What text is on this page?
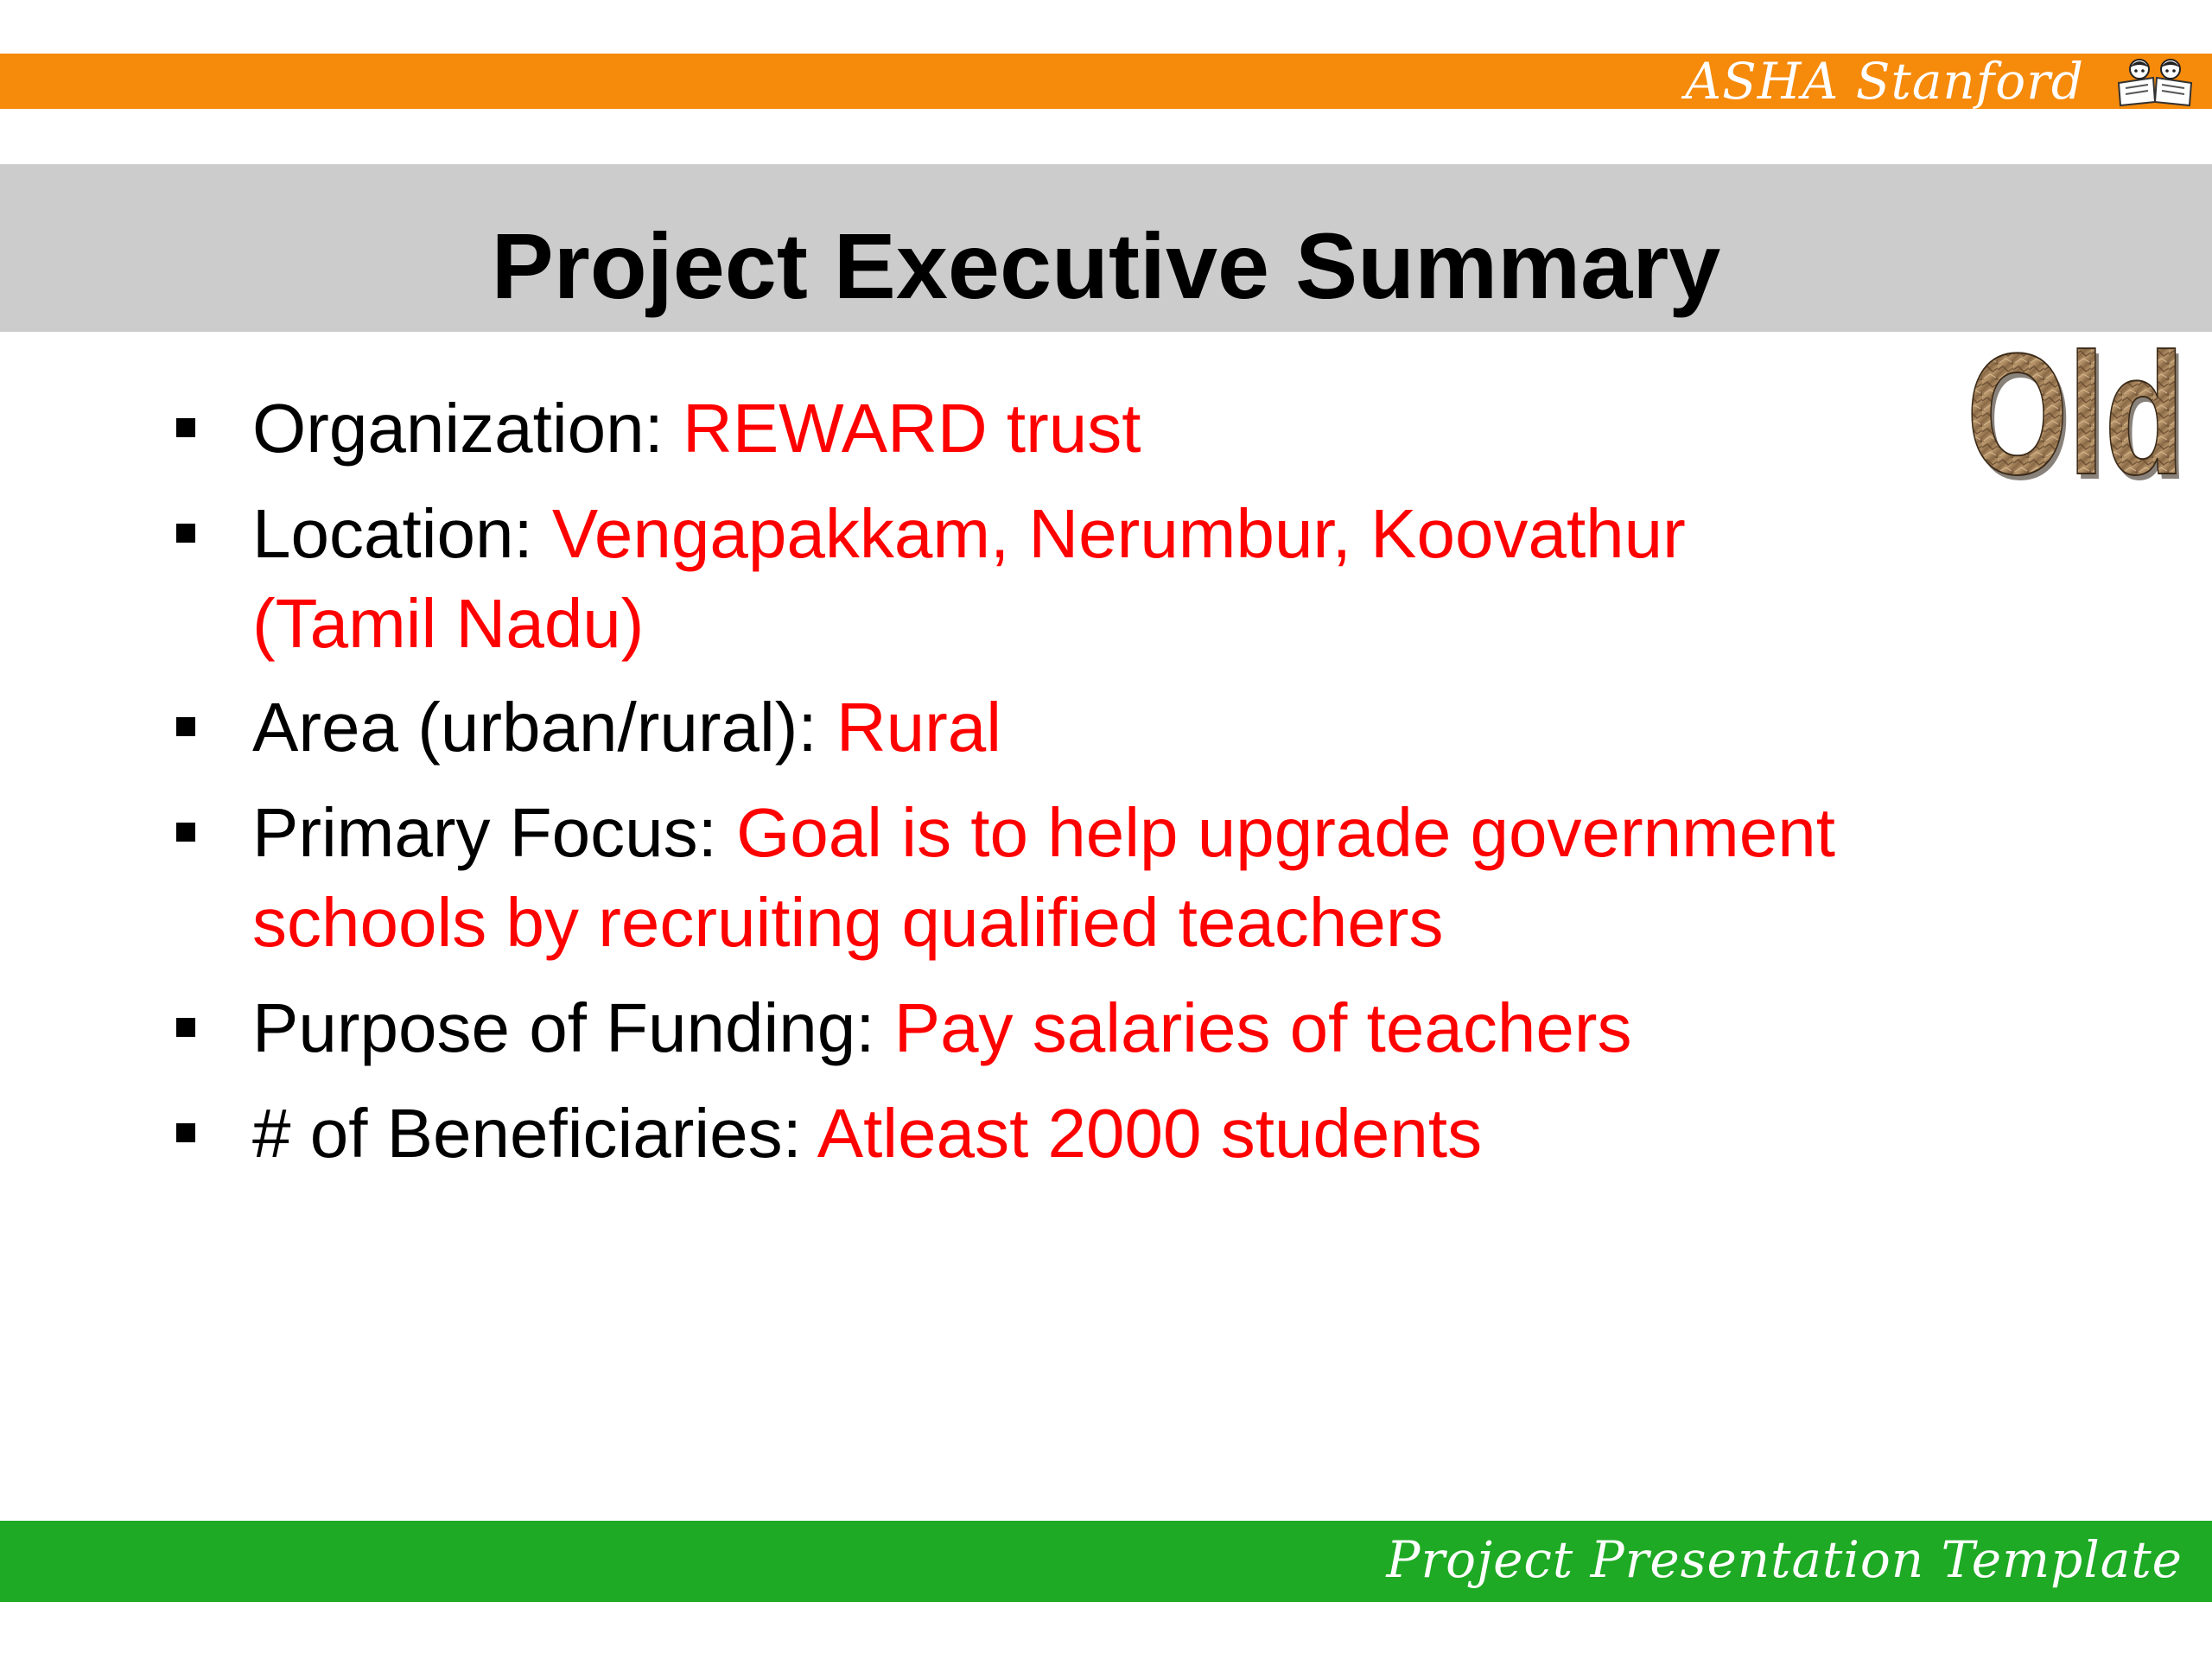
ASHA Stanford
Project Executive Summary
Old
Old
Organization: REWARD trust
Location: Vengapakkam, Nerumbur, Koovathur
(Tamil Nadu)
Area (urban/rural): Rural
Primary Focus: Goal is to help upgrade government
schools by recruiting qualified teachers
Purpose of Funding: Pay salaries of teachers
# of Beneficiaries: Atleast 2000 students
Project Presentation Template
